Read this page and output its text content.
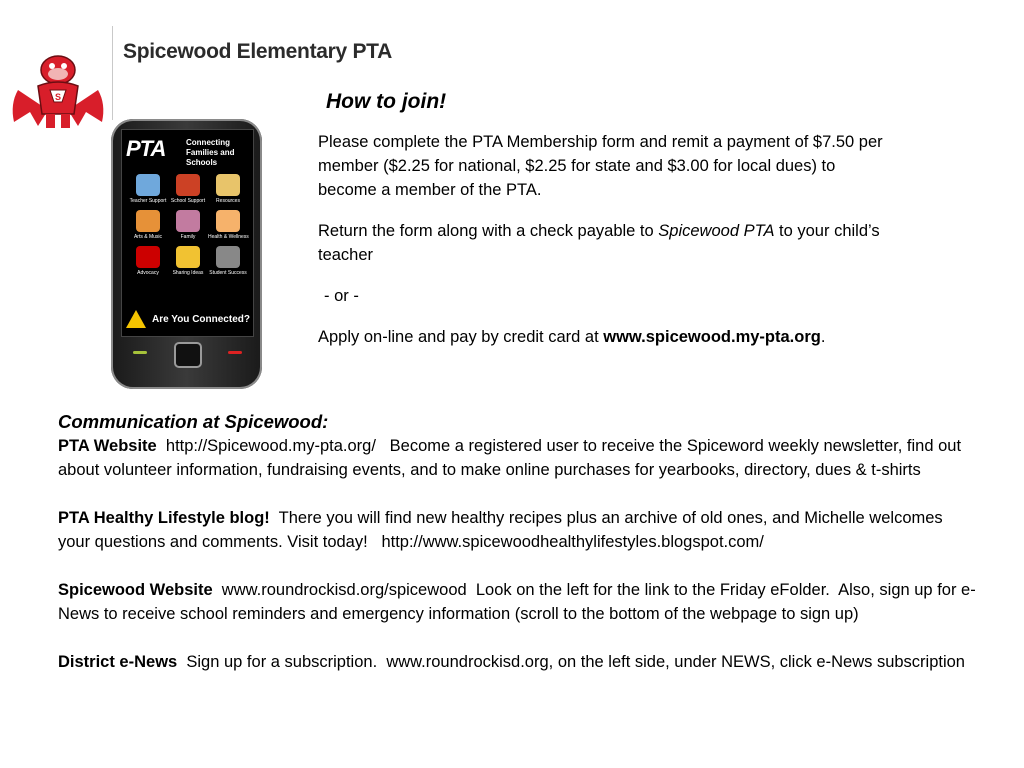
S
Spicewood Elementary PTA
PTA	Connecting Families and Schools
Teacher Support School Support	Resources
Arts & Music	Family	Health & Wellness
Advocacy	Sharing Ideas	Student Success
Are You Connected?
How to join!

Please complete the PTA Membership form and remit a payment of $7.50 per member ($2.25 for national, $2.25 for state and $3.00 for local dues) to become a member of the PTA.

Return the form along with a check payable to Spicewood PTA to your child’s teacher

- or -

Apply on-line and pay by credit card at www.spicewood.my-pta.org.

Communication at Spicewood:

PTA Website  http://Spicewood.my-pta.org/   Become a registered user to receive the Spiceword weekly newsletter, find out about volunteer information, fundraising events, and to make online purchases for yearbooks, directory, dues & t-shirts

PTA Healthy Lifestyle blog!  There you will find new healthy recipes plus an archive of old ones, and Michelle welcomes your questions and comments. Visit today!   http://www.spicewoodhealthylifestyles.blogspot.com/

Spicewood Website  www.roundrockisd.org/spicewood  Look on the left for the link to the Friday eFolder.  Also, sign up for e-News to receive school reminders and emergency information (scroll to the bottom of the webpage to sign up)

District e-News  Sign up for a subscription.  www.roundrockisd.org, on the left side, under NEWS, click e-News subscription
